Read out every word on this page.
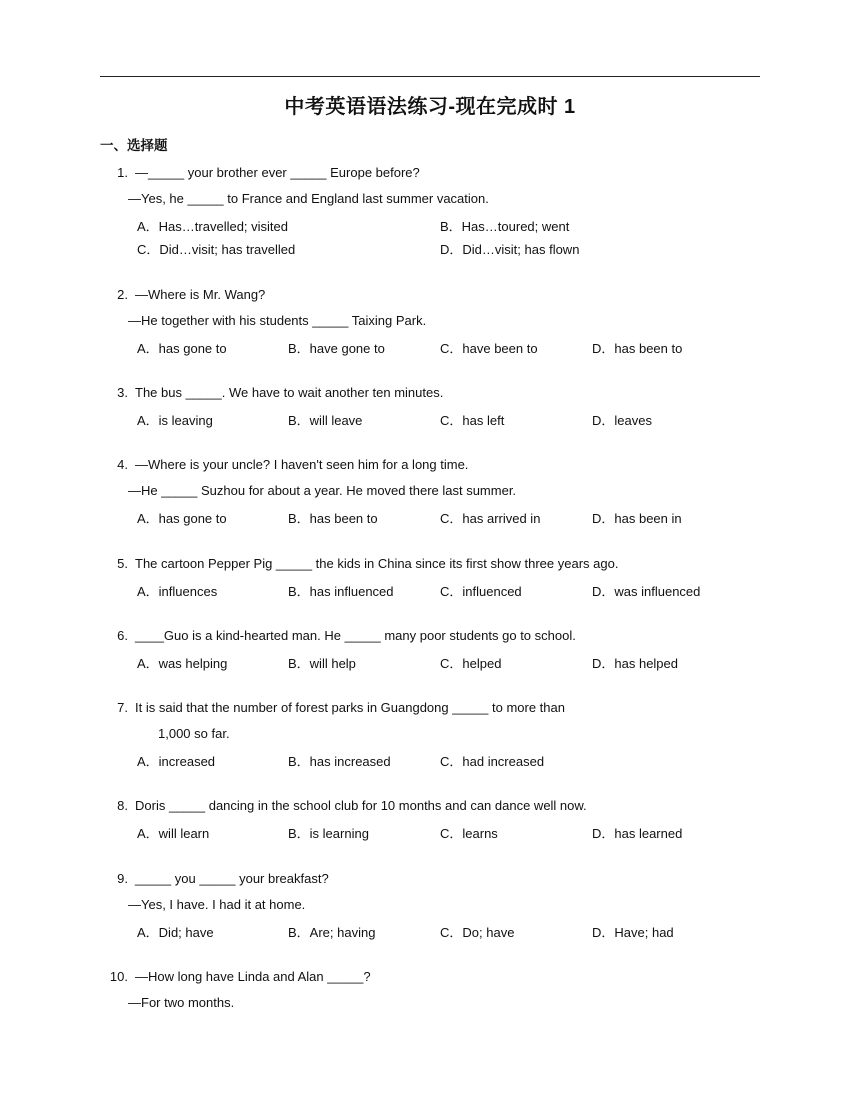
中考英语语法练习-现在完成时 1
一、选择题
1. —_____ your brother ever _____ Europe before?
—Yes, he _____ to France and England last summer vacation.
A．Has…travelled; visited	B．Has…toured; went
C．Did…visit; has travelled	D．Did…visit; has flown
2. —Where is Mr. Wang?
—He together with his students _____ Taixing Park.
A．has gone to	B．have gone to	C．have been to	D．has been to
3. The bus _____. We have to wait another ten minutes.
A．is leaving	B．will leave	C．has left	D．leaves
4. —Where is your uncle? I haven't seen him for a long time.
—He _____ Suzhou for about a year. He moved there last summer.
A．has gone to	B．has been to	C．has arrived in	D．has been in
5. The cartoon Pepper Pig _____ the kids in China since its first show three years ago.
A．influences	B．has influenced	C．influenced	D．was influenced
6. ____Guo is a kind-hearted man. He _____ many poor students go to school.
A．was helping	B．will help	C．helped	D．has helped
7. It is said that the number of forest parks in Guangdong _____ to more than
1,000 so far.
A．increased	B．has increased	C．had increased
8. Doris _____ dancing in the school club for 10 months and can dance well now.
A．will learn	B．is learning	C．learns	D．has learned
9. _____ you _____ your breakfast?
—Yes, I have. I had it at home.
A．Did; have	B．Are; having	C．Do; have	D．Have; had
10. —How long have Linda and Alan _____?
—For two months.
